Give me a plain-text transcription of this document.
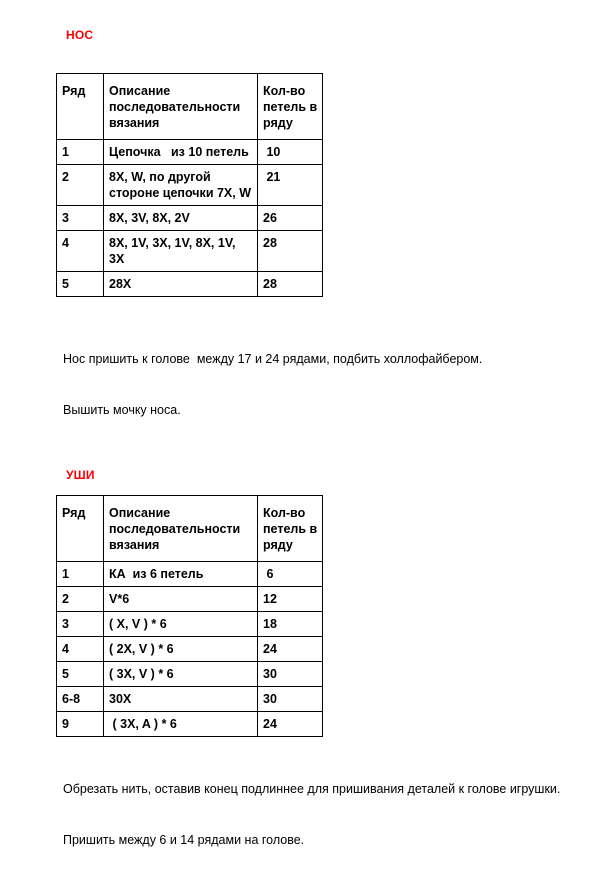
НОС
Ряд	Описание последовательности вязания	Кол-во петель в ряду
1	Цепочка   из 10 петель	10
2	8X, W, по другой стороне цепочки 7X, W	21
3	8X, 3V, 8X, 2V	26
4	8X, 1V, 3X, 1V, 8X, 1V, 3X	28
5	28X	28

Нос пришить к голове  между 17 и 24 рядами, подбить холлофайбером.

Вышить мочку носа.

УШИ
Ряд	Описание последовательности вязания	Кол-во петель в ряду
1	КА  из 6 петель	6
2	V*6	12
3	( X, V ) * 6	18
4	( 2X, V ) * 6	24
5	( 3X, V ) * 6	30
6-8	30X	30
9	( 3X, A ) * 6	24

Обрезать нить, оставив конец подлиннее для пришивания деталей к голове игрушки.

Пришить между 6 и 14 рядами на голове.
